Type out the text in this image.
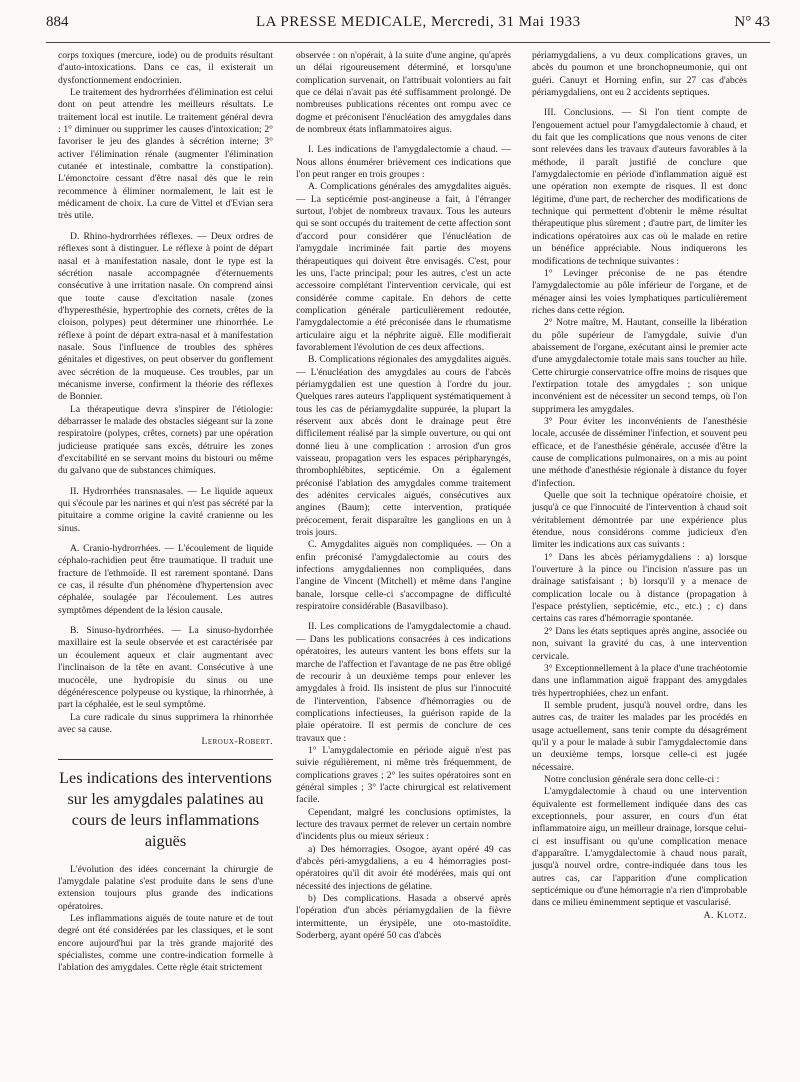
884	LA PRESSE MEDICALE, Mercredi, 31 Mai 1933	N° 43

corps toxiques (mercure, iode) ou de produits résultant d'auto-intoxications. Dans ce cas, il existerait un dysfonctionnement endocrinien.

Le traitement des hydrorrhées d'élimination est celui dont on peut attendre les meilleurs résultats. Le traitement local est inutile. Le traitement général devra : 1° diminuer ou supprimer les causes d'intoxication; 2° favoriser le jeu des glandes à sécrétion interne; 3° activer l'élimination rénale (augmenter l'élimination cutanée et intestinale, combattre la constipation). L'émonctoire cessant d'être nasal dès que le rein recommence à éliminer normalement, le lait est le médicament de choix. La cure de Vittel et d'Evian sera très utile.

D. Rhino-hydrorrhées réflexes. — Deux ordres de réflexes sont à distinguer. Le réflexe à point de départ nasal et à manifestation nasale, dont le type est la sécrétion nasale accompagnée d'éternuements consécutive à une irritation nasale. On comprend ainsi que toute cause d'excitation nasale (zones d'hyperesthésie, hypertrophie des cornets, crêtes de la cloison, polypes) peut déterminer une rhinorrhée. Le réflexe à point de départ extra-nasal et à manifestation nasale. Sous l'influence de troubles des sphères génitales et digestives, on peut observer du gonflement avec sécrétion de la muqueuse. Ces troubles, par un mécanisme inverse, confirment la théorie des réflexes de Bonnier.

La thérapeutique devra s'inspirer de l'étiologie: débarrasser le malade des obstacles siégeant sur la zone respiratoire (polypes, crêtes, cornets) par une opération judicieuse pratiquée sans excès, détruire les zones d'excitabilité en se servant moins du bistouri ou même du galvano que de substances chimiques.

II. Hydrorrhées transnasales. — Le liquide aqueux qui s'écoule par les narines et qui n'est pas sécrété par la pituitaire a comme origine la cavité cranienne ou les sinus.

A. Cranio-hydrorrhées. — L'écoulement de liquide céphalo-rachidien peut être traumatique. Il traduit une fracture de l'ethmoïde. Il est rarement spontané. Dans ce cas, il résulte d'un phénomène d'hypertension avec céphalée, soulagée par l'écoulement. Les autres symptômes dépendent de la lésion causale.

B. Sinuso-hydrorrhées. — La sinuso-hydorrhée maxillaire est la seule observée et est caractérisée par un écoulement aqueux et clair augmentant avec l'inclinaison de la tête en avant. Consécutive à une mucocèle, une hydropisie du sinus ou une dégénérescence polypeuse ou kystique, la rhinorrhée, à part la céphalée, est le seul symptôme.

La cure radicale du sinus supprimera la rhinorrhée avec sa cause.

Leroux-Robert.
Les indications des interventions sur les amygdales palatines au cours de leurs inflammations aiguës

L'évolution des idées concernant la chirurgie de l'amygdale palatine s'est produite dans le sens d'une extension toujours plus grande des indications opératoires.

Les inflammations aiguës de toute nature et de tout degré ont été considérées par les classiques, et le sont encore aujourd'hui par la très grande majorité des spécialistes, comme une contre-indication formelle à l'ablation des amygdales. Cette règle était strictement

observée : on n'opérait, à la suite d'une angine, qu'après un délai rigoureusement déterminé, et lorsqu'une complication survenait, on l'attribuait volontiers au fait que ce délai n'avait pas été suffisamment prolongé. De nombreuses publications récentes ont rompu avec ce dogme et préconisent l'énucléation des amygdales dans de nombreux états inflammatoires aigus.

I. Les indications de l'amygdalectomie a chaud. — Nous allons énumérer brièvement ces indications que l'on peut ranger en trois groupes :

A. Complications générales des amygdalites aiguës. — La septicémie post-angineuse a fait, à l'étranger surtout, l'objet de nombreux travaux. Tous les auteurs qui se sont occupés du traitement de cette affection sont d'accord pour considérer que l'énucléation de l'amygdale incriminée fait partie des moyens thérapeutiques qui doivent être envisagés. C'est, pour les uns, l'acte principal; pour les autres, c'est un acte accessoire complétant l'intervention cervicale, qui est considérée comme capitale. En dehors de cette complication générale particulièrement redoutée, l'amygdalectomie a été préconisée dans le rhumatisme articulaire aigu et la néphrite aiguë. Elle modifierait favorablement l'évolution de ces deux affections.

B. Complications régionales des amygdalites aiguës. — L'énucléation des amygdales au cours de l'abcès périamygdalien est une question à l'ordre du jour. Quelques rares auteurs l'appliquent systématiquement à tous les cas de périamygdalite suppurée, la plupart la réservent aux abcès dont le drainage peut être difficilement réalisé par la simple ouverture, ou qui ont donné lieu à une complication : arrosion d'un gros vaisseau, propagation vers les espaces péripharyngés, thrombophlébites, septicémie. On a également préconisé l'ablation des amygdales comme traitement des adénites cervicales aiguës, consécutives aux angines (Baum); cette intervention, pratiquée précocement, ferait disparaître les ganglions en un à trois jours.

C. Amygdalites aiguës non compliquées. — On a enfin préconisé l'amygdalectomie au cours des infections amygdaliennes non compliquées, dans l'angine de Vincent (Mitchell) et même dans l'angine banale, lorsque celle-ci s'accompagne de difficulté respiratoire considérable (Basavilbaso).

II. Les complications de l'amygdalectomie a chaud. — Dans les publications consacrées à ces indications opératoires, les auteurs vantent les bons effets sur la marche de l'affection et l'avantage de ne pas être obligé de recourir à un deuxième temps pour enlever les amygdales à froid. Ils insistent de plus sur l'innocuité de l'intervention, l'absence d'hémorragies ou de complications infectieuses, la guérison rapide de la plaie opératoire. Il est permis de conclure de ces travaux que :

1° L'amygdalectomie en période aiguë n'est pas suivie régulièrement, ni même très fréquemment, de complications graves ; 2° les suites opératoires sont en général simples ; 3° l'acte chirurgical est relativement facile.

Cependant, malgré les conclusions optimistes, la lecture des travaux permet de relever un certain nombre d'incidents plus ou mieux sérieux :

a) Des hémorragies. Osogoe, ayant opéré 49 cas d'abcès péri-amygdaliens, a eu 4 hémorragies post-opératoires qu'il dit avoir été modérées, mais qui ont nécessité des injections de gélatine.

b) Des complications. Hasada a observé après l'opération d'un abcès périamygdalien de la fièvre intermittente, un érysipèle, une oto-mastoïdite. Soderberg, ayant opéré 50 cas d'abcès

périamygdaliens, a vu deux complications graves, un abcès du poumon et une bronchopneumonie, qui ont guéri. Canuyt et Horning enfin, sur 27 cas d'abcès périamygdaliens, ont eu 2 accidents septiques.

III. Conclusions. — Si l'on tient compte de l'engouement actuel pour l'amygdalectomie à chaud, et du fait que les complications que nous venons de citer sont relevées dans les travaux d'auteurs favorables à la méthode, il paraît justifié de conclure que l'amygdalectomie en période d'inflammation aiguë est une opération non exempte de risques. Il est donc légitime, d'une part, de rechercher des modifications de technique qui permettent d'obtenir le même résultat thérapeutique plus sûrement ; d'autre part, de limiter les indications opératoires aux cas où le malade en retire un bénéfice appréciable. Nous indiquerons les modifications de technique suivantes :

1° Levinger préconise de ne pas étendre l'amygdalectomie au pôle inférieur de l'organe, et de ménager ainsi les voies lymphatiques particulièrement riches dans cette région.

2° Notre maître, M. Hautant, conseille la libération du pôle supérieur de l'amygdale, suivie d'un abaissement de l'organe, exécutant ainsi le premier acte d'une amygdalectomie totale mais sans toucher au hile. Cette chirurgie conservatrice offre moins de risques que l'extirpation totale des amygdales ; son unique inconvénient est de nécessiter un second temps, où l'on supprimera les amygdales.

3° Pour éviter les inconvénients de l'anesthésie locale, accusée de disséminer l'infection, et souvent peu efficace, et de l'anesthésie générale, accusée d'être la cause de complications pulmonaires, on a mis au point une méthode d'anesthésie régionale à distance du foyer d'infection.

Quelle que soit la technique opératoire choisie, et jusqu'à ce que l'innocuité de l'intervention à chaud soit véritablement démontrée par une expérience plus étendue, nous considérons comme judicieux d'en limiter les indications aux cas suivants :

1° Dans les abcès périamygdaliens : a) lorsque l'ouverture à la pince ou l'incision n'assure pas un drainage satisfaisant ; b) lorsqu'il y a menace de complication locale ou à distance (propagation à l'espace préstylien, septicémie, etc., etc.) ; c) dans certains cas rares d'hémorragie spontanée.

2° Dans les états septiques après angine, associée ou non, suivant la gravité du cas, à une intervention cervicale.

3° Exceptionnellement à la place d'une trachéotomie dans une inflammation aiguë frappant des amygdales très hypertrophiées, chez un enfant.

Il semble prudent, jusqu'à nouvel ordre, dans les autres cas, de traiter les malades par les procédés en usage actuellement, sans tenir compte du désagrément qu'il y a pour le malade à subir l'amygdalectomie dans un deuxième temps, lorsque celle-ci est jugée nécessaire.

Notre conclusion générale sera donc celle-ci :

L'amygdalectomie à chaud ou une intervention équivalente est formellement indiquée dans des cas exceptionnels, pour assurer, en cours d'un état inflammatoire aigu, un meilleur drainage, lorsque celui-ci est insuffisant ou qu'une complication menace d'apparaître. L'amygdalectomie à chaud nous paraît, jusqu'à nouvel ordre, contre-indiquée dans tous les autres cas, car l'apparition d'une complication septicémique ou d'une hémorragie n'a rien d'improbable dans ce milieu éminemment septique et vascularisé.

A. Klotz.
